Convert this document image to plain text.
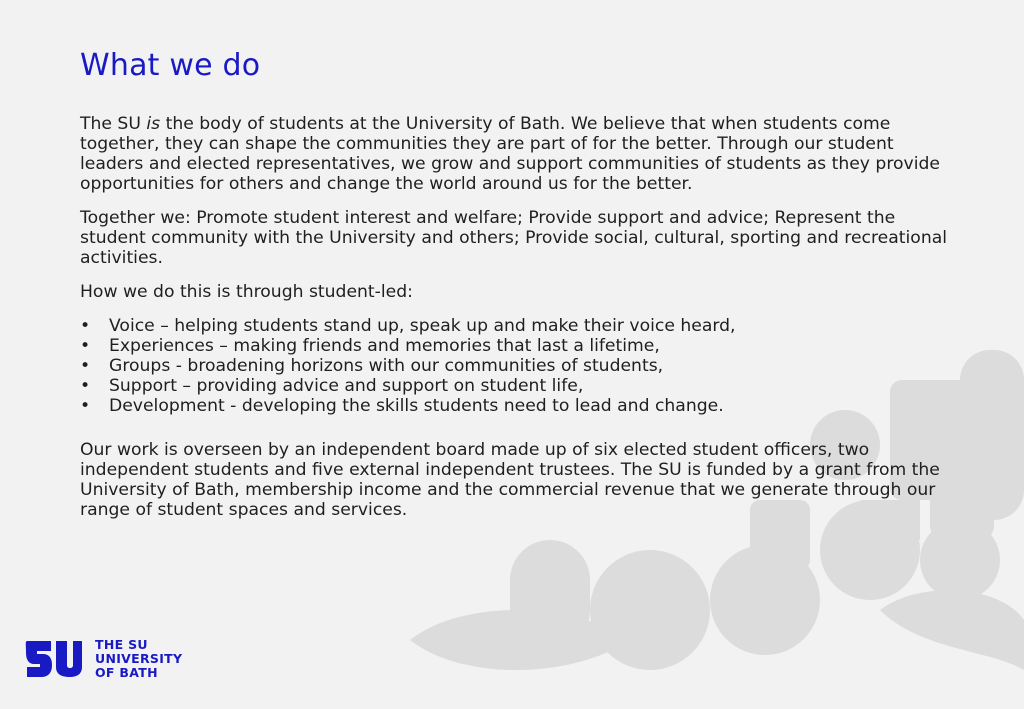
What we do

The SU is the body of students at the University of Bath. We believe that when students come together, they can shape the communities they are part of for the better. Through our student leaders and elected representatives, we grow and support communities of students as they provide opportunities for others and change the world around us for the better.

Together we: Promote student interest and welfare; Provide support and advice; Represent the student community with the University and others; Provide social, cultural, sporting and recreational activities.

How we do this is through student-led:

• Voice – helping students stand up, speak up and make their voice heard,
• Experiences – making friends and memories that last a lifetime,
• Groups - broadening horizons with our communities of students,
• Support – providing advice and support on student life,
• Development - developing the skills students need to lead and change.

Our work is overseen by an independent board made up of six elected student officers, two independent students and five external independent trustees. The SU is funded by a grant from the University of Bath, membership income and the commercial revenue that we generate through our range of student spaces and services.

THE SU
UNIVERSITY
OF BATH
